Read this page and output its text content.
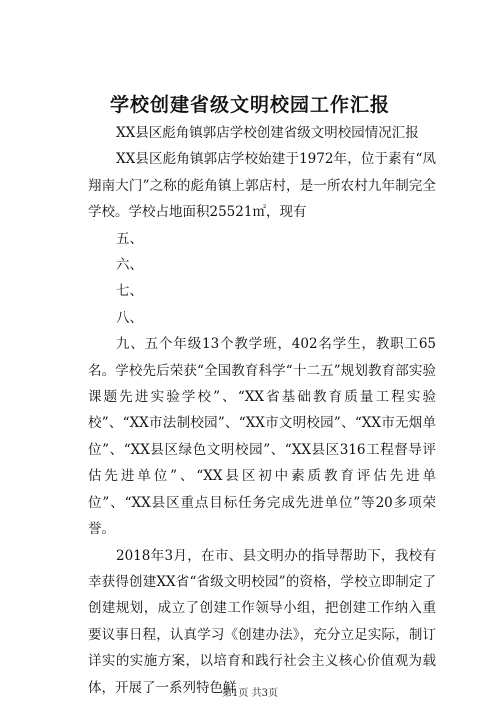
学校创建省级文明校园工作汇报

XX县区彪角镇郭店学校创建省级文明校园情况汇报

XX县区彪角镇郭店学校始建于1972年，位于素有“凤翔南大门”之称的彪角镇上郭店村，是一所农村九年制完全学校。学校占地面积25521㎡，现有

五、

六、

七、

八、

九、五个年级13个教学班，402名学生，教职工65名。学校先后荣获“全国教育科学“十二五”规划教育部实验课题先进实验学校”、“XX省基础教育质量工程实验校”、“XX市法制校园”、“XX市文明校园”、“XX市无烟单位”、“XX县区绿色文明校园”、“XX县区316工程督导评估先进单位”、“XX县区初中素质教育评估先进单位”、“XX县区重点目标任务完成先进单位”等20多项荣誉。

2018年3月，在市、县文明办的指导帮助下，我校有幸获得创建XX省“省级文明校园”的资格，学校立即制定了创建规划，成立了创建工作领导小组，把创建工作纳入重要议事日程，认真学习《创建办法》，充分立足实际，制订详实的实施方案，以培育和践行社会主义核心价值观为载体，开展了一系列特色鲜

第1页 共3页
